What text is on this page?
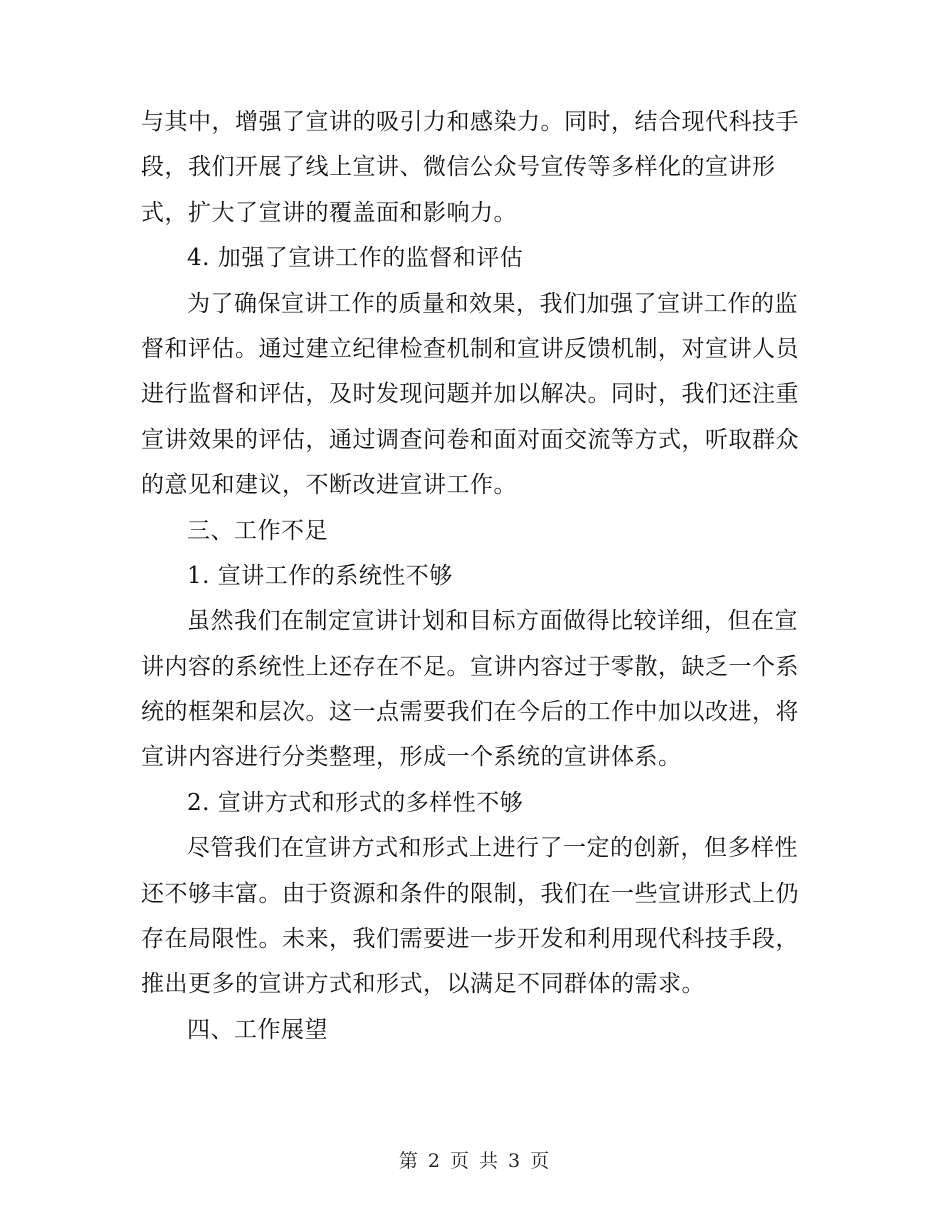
与其中，增强了宣讲的吸引力和感染力。同时，结合现代科技手
段，我们开展了线上宣讲、微信公众号宣传等多样化的宣讲形
式，扩大了宣讲的覆盖面和影响力。
4. 加强了宣讲工作的监督和评估
为了确保宣讲工作的质量和效果，我们加强了宣讲工作的监
督和评估。通过建立纪律检查机制和宣讲反馈机制，对宣讲人员
进行监督和评估，及时发现问题并加以解决。同时，我们还注重
宣讲效果的评估，通过调查问卷和面对面交流等方式，听取群众
的意见和建议，不断改进宣讲工作。
三、工作不足
1. 宣讲工作的系统性不够
虽然我们在制定宣讲计划和目标方面做得比较详细，但在宣
讲内容的系统性上还存在不足。宣讲内容过于零散，缺乏一个系
统的框架和层次。这一点需要我们在今后的工作中加以改进，将
宣讲内容进行分类整理，形成一个系统的宣讲体系。
2. 宣讲方式和形式的多样性不够
尽管我们在宣讲方式和形式上进行了一定的创新，但多样性
还不够丰富。由于资源和条件的限制，我们在一些宣讲形式上仍
存在局限性。未来，我们需要进一步开发和利用现代科技手段，
推出更多的宣讲方式和形式，以满足不同群体的需求。
四、工作展望
第 2 页 共 3 页
